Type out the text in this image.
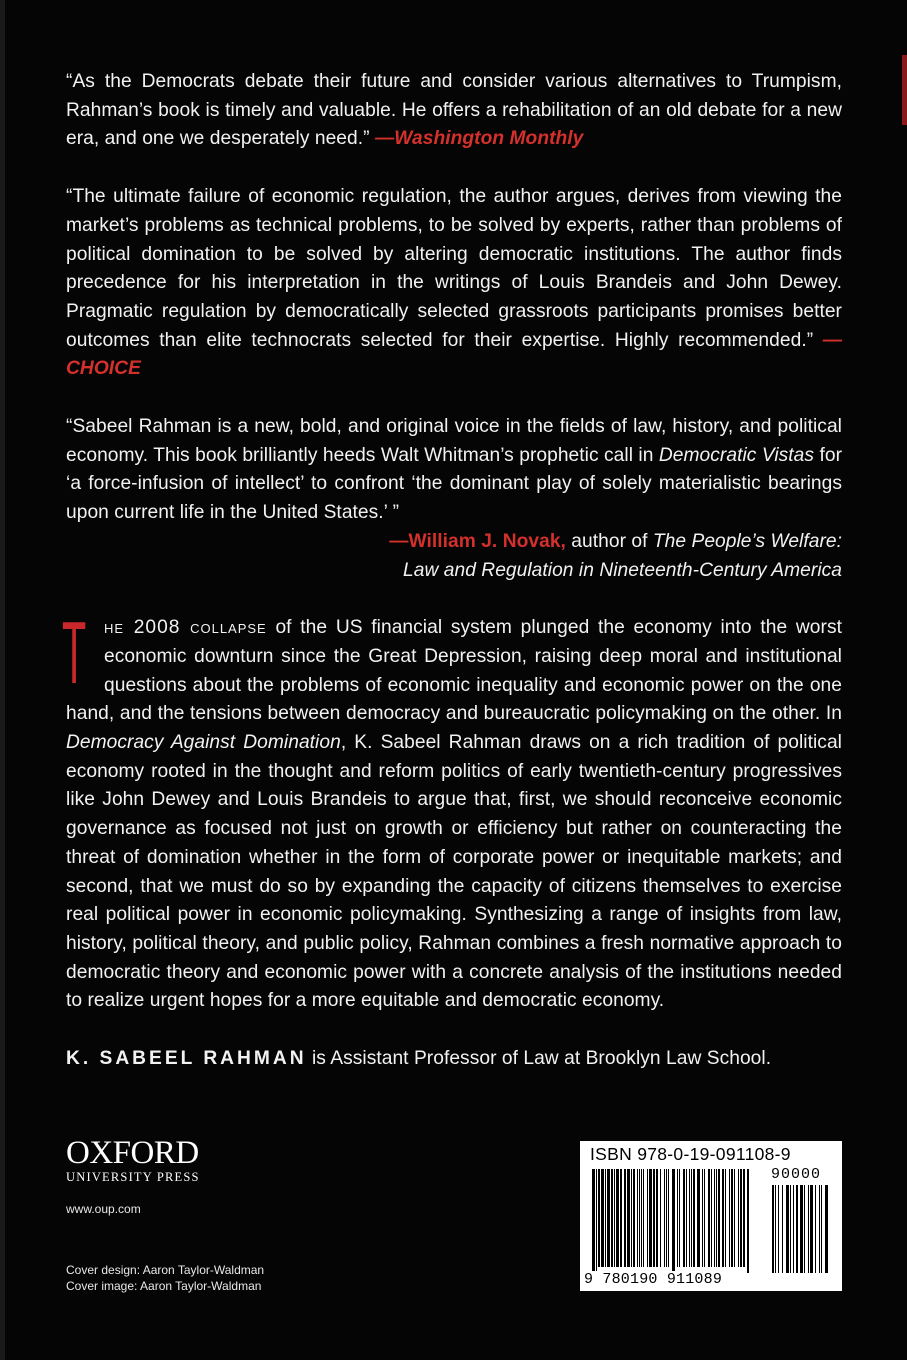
“As the Democrats debate their future and consider various alternatives to Trumpism, Rahman’s book is timely and valuable. He offers a rehabilitation of an old debate for a new era, and one we desperately need.” —Washington Monthly

“The ultimate failure of economic regulation, the author argues, derives from viewing the market’s problems as technical problems, to be solved by experts, rather than problems of political domination to be solved by altering democratic institutions. The author finds precedence for his interpretation in the writings of Louis Brandeis and John Dewey. Pragmatic regulation by democratically selected grassroots participants promises better outcomes than elite technocrats selected for their expertise. Highly recommended.” —CHOICE

“Sabeel Rahman is a new, bold, and original voice in the fields of law, history, and political economy. This book brilliantly heeds Walt Whitman’s prophetic call in Democratic Vistas for ‘a force-infusion of intellect’ to confront ‘the dominant play of solely materialistic bearings upon current life in the United States.’ ”

—William J. Novak, author of The People’s Welfare:

Law and Regulation in Nineteenth-Century America

T he 2008 collapse of the US financial system plunged the economy into the worst economic downturn since the Great Depression, raising deep moral and institutional questions about the problems of economic inequality and economic power on the one hand, and the tensions between democracy and bureaucratic policymaking on the other. In Democracy Against Domination, K. Sabeel Rahman draws on a rich tradition of political economy rooted in the thought and reform politics of early twentieth-century progressives like John Dewey and Louis Brandeis to argue that, first, we should reconceive economic governance as focused not just on growth or efficiency but rather on counteracting the threat of domination whether in the form of corporate power or inequitable markets; and second, that we must do so by expanding the capacity of citizens themselves to exercise real political power in economic policymaking. Synthesizing a range of insights from law, history, political theory, and public policy, Rahman combines a fresh normative approach to democratic theory and economic power with a concrete analysis of the institutions needed to realize urgent hopes for a more equitable and democratic economy.

K. SABEEL RAHMAN is Assistant Professor of Law at Brooklyn Law School.

OXFORD
UNIVERSITY PRESS
www.oup.com
Cover design: Aaron Taylor-Waldman
Cover image: Aaron Taylor-Waldman
ISBN 978-0-19-091108-9
90000
9 780190 911089
